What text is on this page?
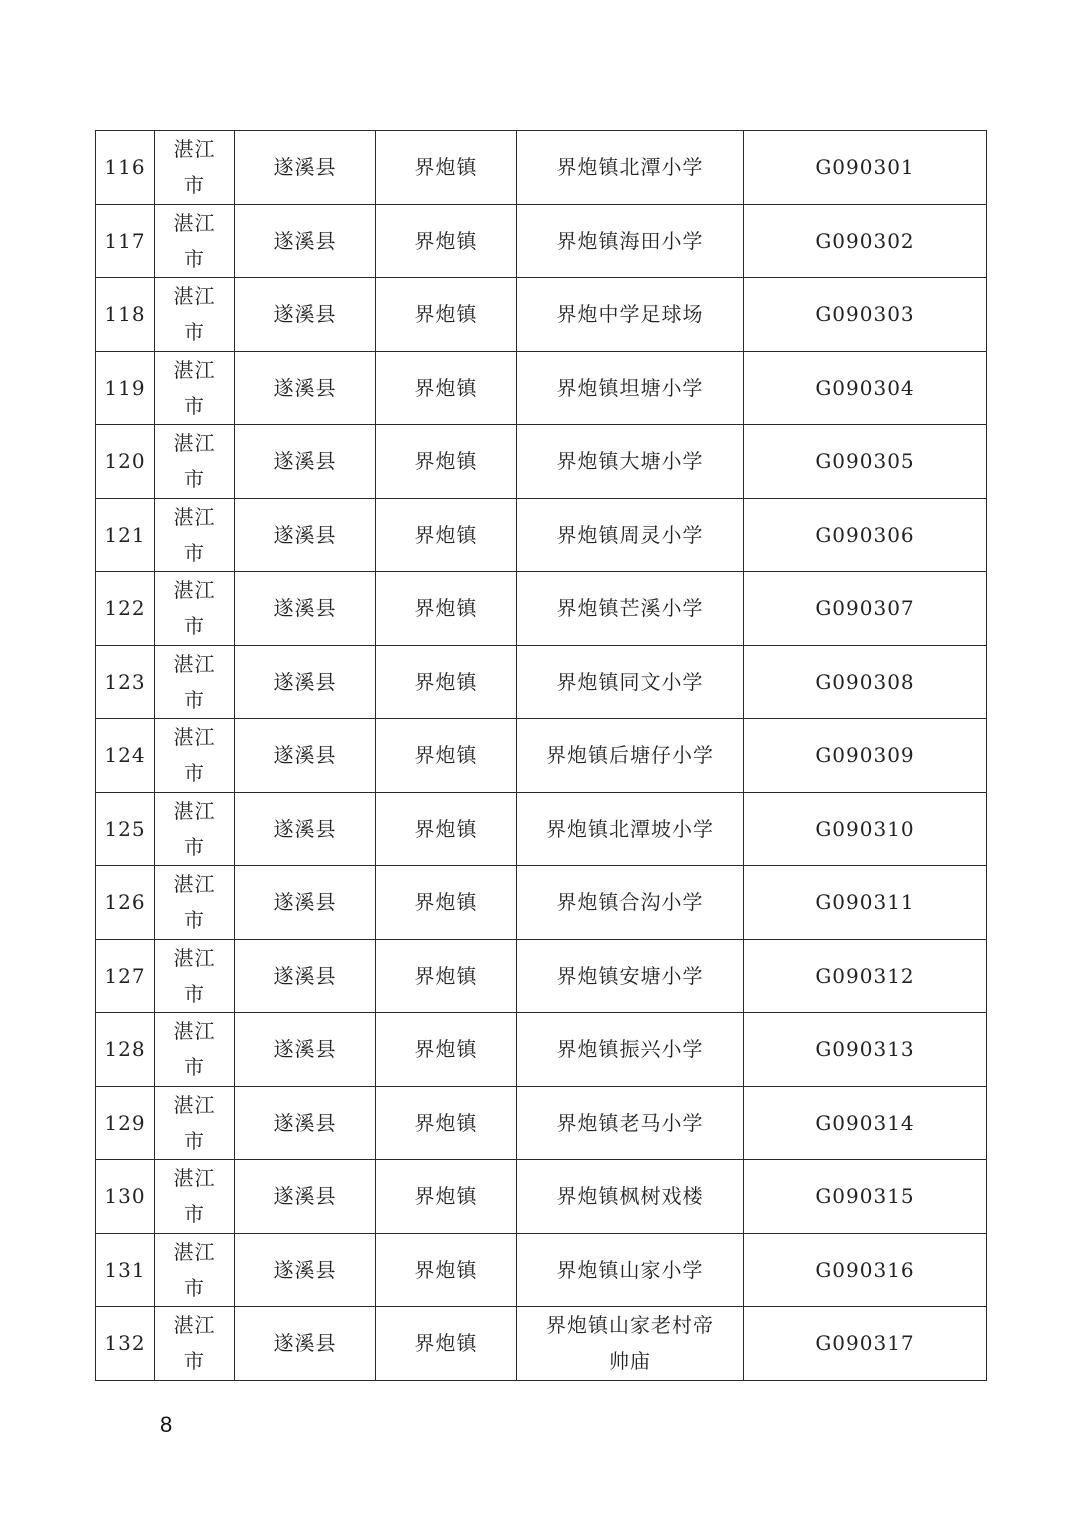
116	湛江市	遂溪县	界炮镇	界炮镇北潭小学	G090301
117	湛江市	遂溪县	界炮镇	界炮镇海田小学	G090302
118	湛江市	遂溪县	界炮镇	界炮中学足球场	G090303
119	湛江市	遂溪县	界炮镇	界炮镇坦塘小学	G090304
120	湛江市	遂溪县	界炮镇	界炮镇大塘小学	G090305
121	湛江市	遂溪县	界炮镇	界炮镇周灵小学	G090306
122	湛江市	遂溪县	界炮镇	界炮镇芒溪小学	G090307
123	湛江市	遂溪县	界炮镇	界炮镇同文小学	G090308
124	湛江市	遂溪县	界炮镇	界炮镇后塘仔小学	G090309
125	湛江市	遂溪县	界炮镇	界炮镇北潭坡小学	G090310
126	湛江市	遂溪县	界炮镇	界炮镇合沟小学	G090311
127	湛江市	遂溪县	界炮镇	界炮镇安塘小学	G090312
128	湛江市	遂溪县	界炮镇	界炮镇振兴小学	G090313
129	湛江市	遂溪县	界炮镇	界炮镇老马小学	G090314
130	湛江市	遂溪县	界炮镇	界炮镇枫树戏楼	G090315
131	湛江市	遂溪县	界炮镇	界炮镇山家小学	G090316
132	湛江市	遂溪县	界炮镇	界炮镇山家老村帝帅庙	G090317
8
